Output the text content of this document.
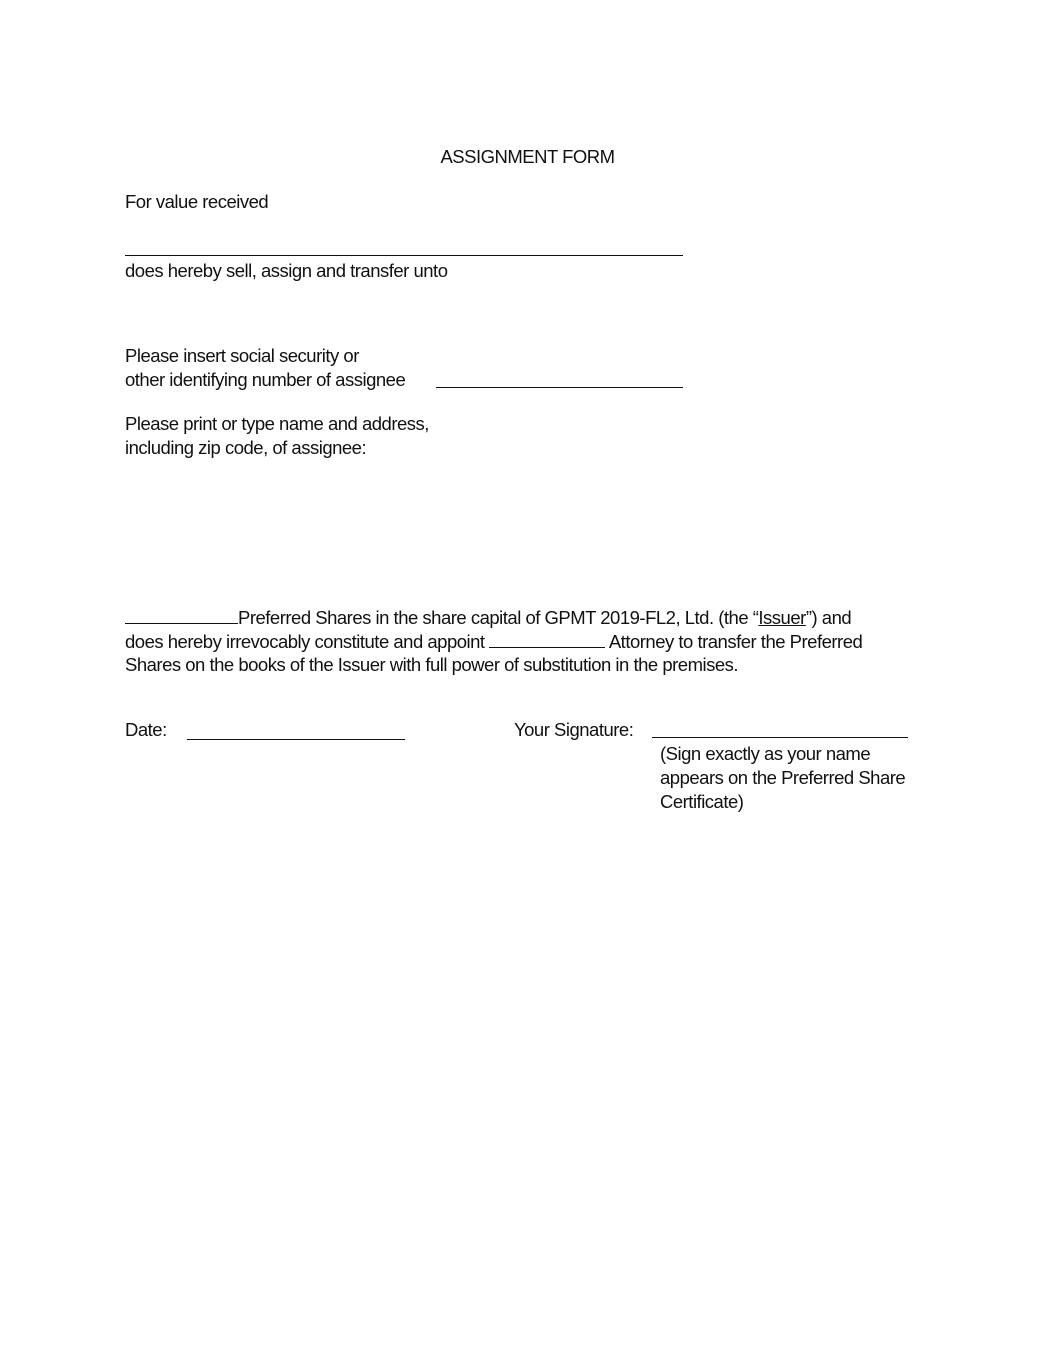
ASSIGNMENT FORM

For value received

does hereby sell, assign and transfer unto

Please insert social security or

other identifying number of assignee

Please print or type name and address,

including zip code, of assignee:

Preferred Shares in the share capital of GPMT 2019-FL2, Ltd. (the “Issuer”) and

does hereby irrevocably constitute and appoint	Attorney to transfer the Preferred

Shares on the books of the Issuer with full power of substitution in the premises.

Date:	Your Signature:

(Sign exactly as your name

appears on the Preferred Share

Certificate)
